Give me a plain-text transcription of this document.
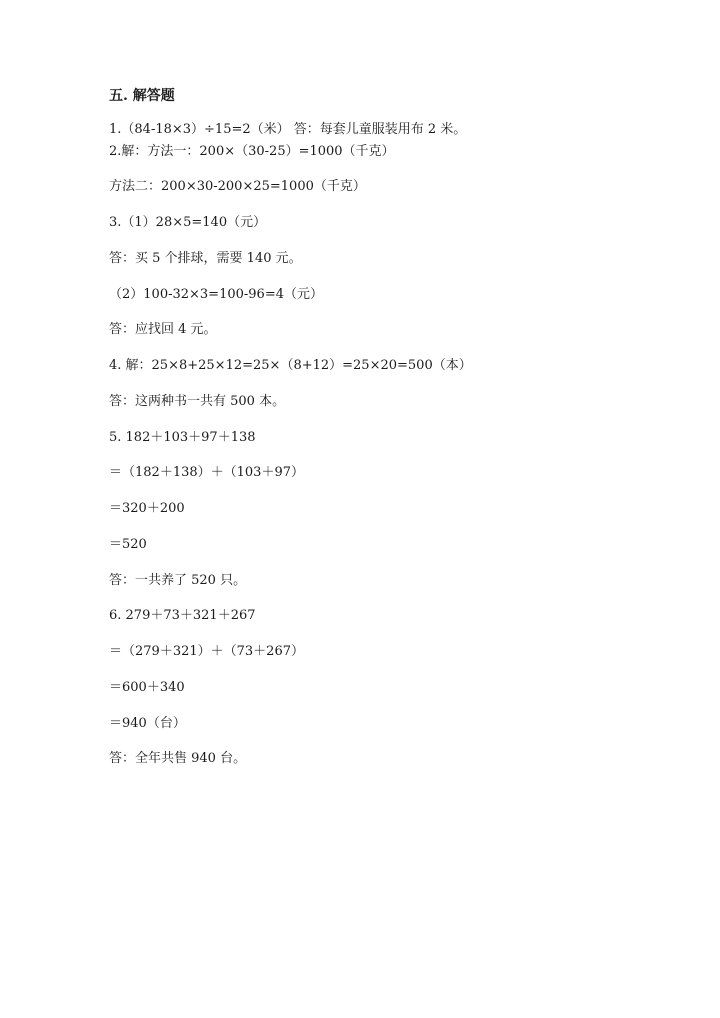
五. 解答题
1.（84-18×3）÷15=2（米） 答：每套儿童服装用布 2 米。
2.解：方法一：200×（30-25）=1000（千克）
方法二：200×30-200×25=1000（千克）
3.（1）28×5=140（元）
答：买 5 个排球，需要 140 元。
（2）100-32×3=100-96=4（元）
答：应找回 4 元。
4. 解：25×8+25×12=25×（8+12）=25×20=500（本）
答：这两种书一共有 500 本。
5. 182＋103＋97＋138
＝（182＋138）＋（103＋97）
＝320＋200
＝520
答：一共养了 520 只。
6. 279＋73＋321＋267
＝（279＋321）＋（73＋267）
＝600＋340
＝940（台）
答：全年共售 940 台。
